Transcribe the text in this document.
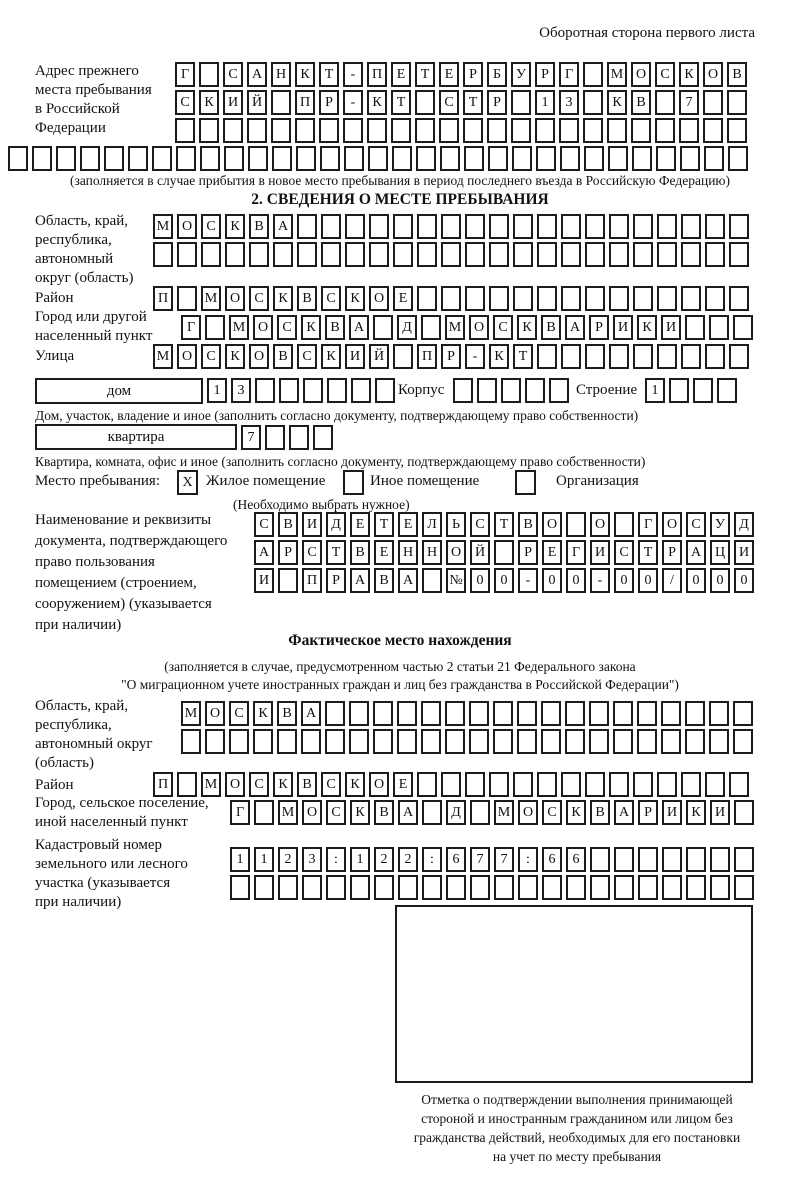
Оборотная сторона первого листа
Адрес прежнего
места пребывания
в Российской
Федерации
Г	С	А Н	К	Т	-	П	Е	Т	Е	Р	Б	У	Р	Г	М О	С	К	О	В
С	К	И Й	П	Р	-	К	Т	С	Т	Р	1	3	К	В	7
(заполняется в случае прибытия в новое место пребывания в период последнего въезда в Российскую Федерацию)
2. СВЕДЕНИЯ О МЕСТЕ ПРЕБЫВАНИЯ
Область, край,
республика,
автономный
округ (область)
М О	С	К	В	А
Район	П	М О	С	К	В	С	К	О	Е
Город или другой
населенный пункт
Г	М О	С	К	В	А	Д	М О	С	К	В	А	Р	И	К	И
Улица	М О	С	К	О	В	С	К	И Й	П	Р	-	К	Т
дом	1	3	Корпус	Строение	1
Дом, участок, владение и иное (заполнить согласно документу, подтверждающему право собственности)
квартира	7
Квартира, комната, офис и иное (заполнить согласно документу, подтверждающему право собственности)
Место пребывания:	Х Жилое помещение	Иное помещение	Организация
(Необходимо выбрать нужное)
Наименование и реквизиты
документа, подтверждающего
право пользования
помещением (строением,
сооружением) (указывается
при наличии)
С	В	И	Д	Е	Т	Е	Л	Ь	С	Т	В	О	О	Г	О	С	У	Д
А	Р	С	Т	В	Е	Н Н О Й	Р	Е	Г	И	С	Т	Р	А Ц И
И	П	Р	А	В	А	№ 0	0	-	0	0	-	0	0	/	0	0	0
Фактическое место нахождения
(заполняется в случае, предусмотренном частью 2 статьи 21 Федерального закона
"О миграционном учете иностранных граждан и лиц без гражданства в Российской Федерации")
Область, край,
республика,
автономный округ
(область)
М О	С	К	В	А
Район	П	М О	С	К	В	С	К	О	Е
Город, сельское поселение,
иной населенный пункт
Г	М О	С	К	В	А	Д	М О	С	К	В	А	Р	И	К	И
Кадастровый номер
земельного или лесного
участка (указывается
при наличии)
1	1	2	3	:	1	2	2	:	6	7	7	:	6	6
Отметка о подтверждении выполнения принимающей
стороной и иностранным гражданином или лицом без
гражданства действий, необходимых для его постановки
на учет по месту пребывания
